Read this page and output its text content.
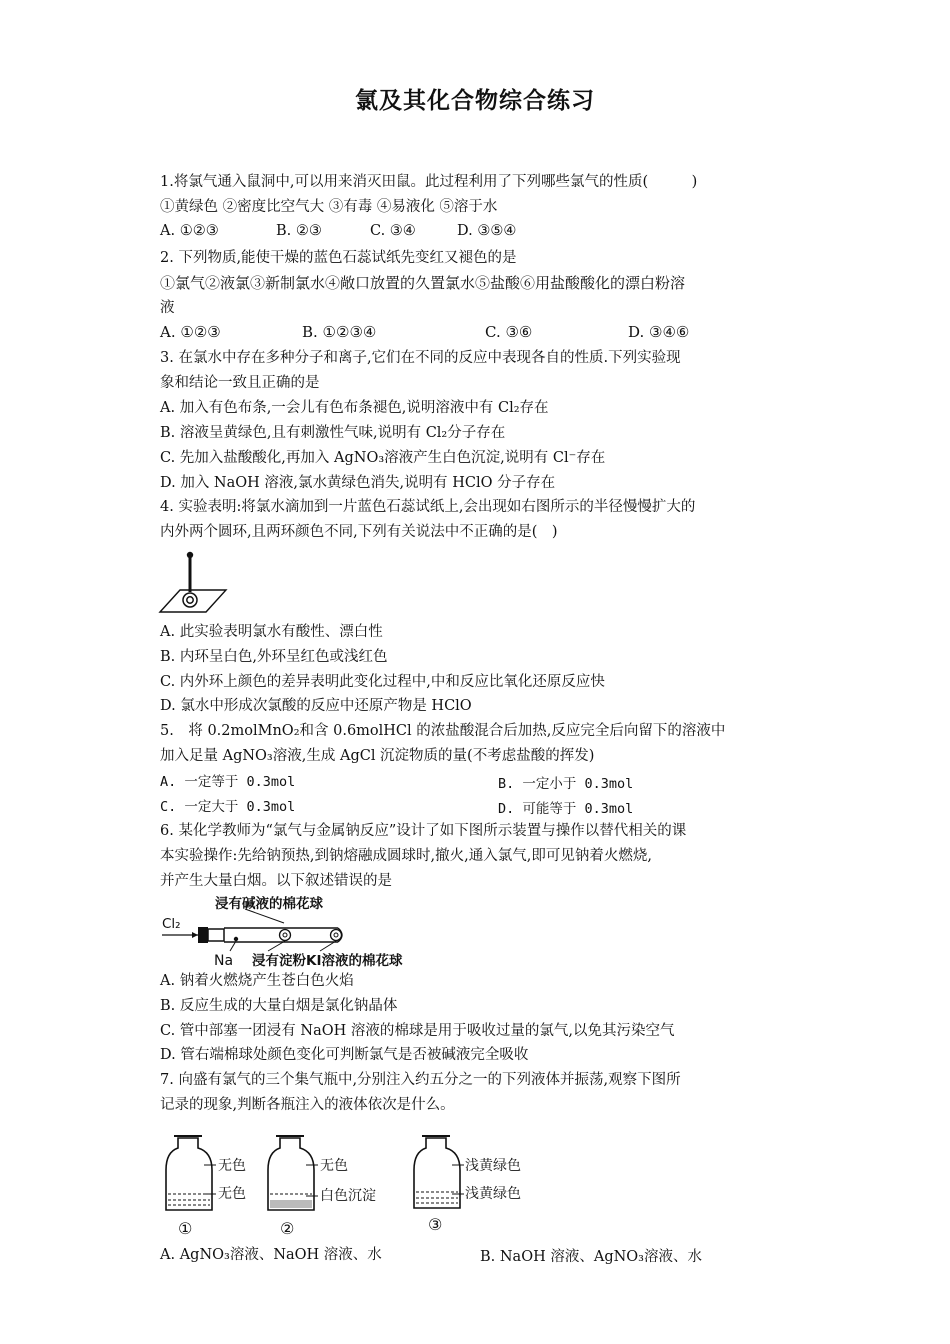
氯及其化合物综合练习
1.将氯气通入鼠洞中,可以用来消灭田鼠。此过程利用了下列哪些氯气的性质(　　　)
①黄绿色 ②密度比空气大 ③有毒 ④易液化 ⑤溶于水
A. ①②③	B. ②③	C. ③④	D. ③⑤④
2. 下列物质,能使干燥的蓝色石蕊试纸先变红又褪色的是
①氯气②液氯③新制氯水④敞口放置的久置氯水⑤盐酸⑥用盐酸酸化的漂白粉溶
液
A. ①②③	B. ①②③④	C. ③⑥	D. ③④⑥
3. 在氯水中存在多种分子和离子,它们在不同的反应中表现各自的性质.下列实验现
象和结论一致且正确的是
A. 加入有色布条,一会儿有色布条褪色,说明溶液中有 Cl₂存在
B. 溶液呈黄绿色,且有刺激性气味,说明有 Cl₂分子存在
C. 先加入盐酸酸化,再加入 AgNO₃溶液产生白色沉淀,说明有 Cl⁻存在
D. 加入 NaOH 溶液,氯水黄绿色消失,说明有 HClO 分子存在
4. 实验表明:将氯水滴加到一片蓝色石蕊试纸上,会出现如右图所示的半径慢慢扩大的
内外两个圆环,且两环颜色不同,下列有关说法中不正确的是(　)
A. 此实验表明氯水有酸性、漂白性
B. 内环呈白色,外环呈红色或浅红色
C. 内外环上颜色的差异表明此变化过程中,中和反应比氧化还原反应快
D. 氯水中形成次氯酸的反应中还原产物是 HClO
5.　将 0.2molMnO₂和含 0.6molHCl 的浓盐酸混合后加热,反应完全后向留下的溶液中
加入足量 AgNO₃溶液,生成 AgCl 沉淀物质的量(不考虑盐酸的挥发)
A. 一定等于 0.3mol	B. 一定小于 0.3mol
C. 一定大于 0.3mol	D. 可能等于 0.3mol
6. 某化学教师为“氯气与金属钠反应”设计了如下图所示装置与操作以替代相关的课
本实验操作:先给钠预热,到钠熔融成圆球时,撤火,通入氯气,即可见钠着火燃烧,
并产生大量白烟。以下叙述错误的是
浸有碱液的棉花球
Cl₂
Na 浸有淀粉KI溶液的棉花球
A. 钠着火燃烧产生苍白色火焰
B. 反应生成的大量白烟是氯化钠晶体
C. 管中部塞一团浸有 NaOH 溶液的棉球是用于吸收过量的氯气,以免其污染空气
D. 管右端棉球处颜色变化可判断氯气是否被碱液完全吸收
7. 向盛有氯气的三个集气瓶中,分别注入约五分之一的下列液体并振荡,观察下图所
记录的现象,判断各瓶注入的液体依次是什么。
无色
无色
①
无色
白色沉淀
②
浅黄绿色
浅黄绿色
③
A. AgNO₃溶液、NaOH 溶液、水	B. NaOH 溶液、AgNO₃溶液、水
